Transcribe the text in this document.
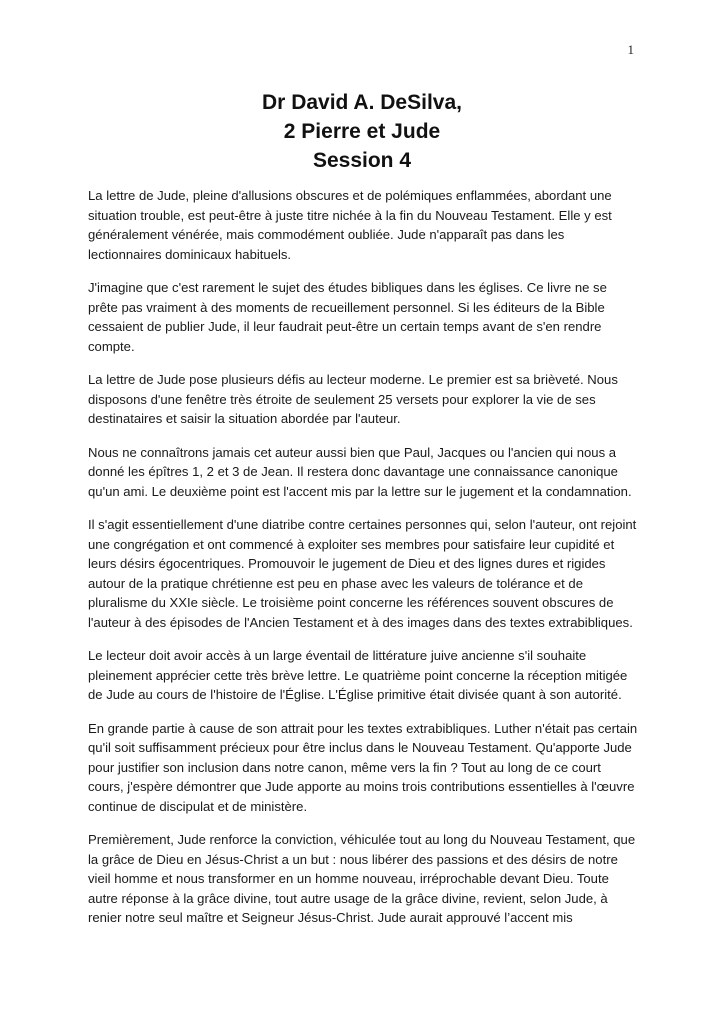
1
Dr David A. DeSilva,
2 Pierre et Jude
Session 4

La lettre de Jude, pleine d'allusions obscures et de polémiques enflammées, abordant une situation trouble, est peut-être à juste titre nichée à la fin du Nouveau Testament. Elle y est généralement vénérée, mais commodément oubliée. Jude n'apparaît pas dans les lectionnaires dominicaux habituels.

J'imagine que c'est rarement le sujet des études bibliques dans les églises. Ce livre ne se prête pas vraiment à des moments de recueillement personnel. Si les éditeurs de la Bible cessaient de publier Jude, il leur faudrait peut-être un certain temps avant de s'en rendre compte.

La lettre de Jude pose plusieurs défis au lecteur moderne. Le premier est sa brièveté. Nous disposons d'une fenêtre très étroite de seulement 25 versets pour explorer la vie de ses destinataires et saisir la situation abordée par l'auteur.

Nous ne connaîtrons jamais cet auteur aussi bien que Paul, Jacques ou l'ancien qui nous a donné les épîtres 1, 2 et 3 de Jean. Il restera donc davantage une connaissance canonique qu'un ami. Le deuxième point est l'accent mis par la lettre sur le jugement et la condamnation.

Il s'agit essentiellement d'une diatribe contre certaines personnes qui, selon l'auteur, ont rejoint une congrégation et ont commencé à exploiter ses membres pour satisfaire leur cupidité et leurs désirs égocentriques. Promouvoir le jugement de Dieu et des lignes dures et rigides autour de la pratique chrétienne est peu en phase avec les valeurs de tolérance et de pluralisme du XXIe siècle. Le troisième point concerne les références souvent obscures de l'auteur à des épisodes de l'Ancien Testament et à des images dans des textes extrabibliques.

Le lecteur doit avoir accès à un large éventail de littérature juive ancienne s'il souhaite pleinement apprécier cette très brève lettre. Le quatrième point concerne la réception mitigée de Jude au cours de l'histoire de l'Église. L'Église primitive était divisée quant à son autorité.

En grande partie à cause de son attrait pour les textes extrabibliques. Luther n'était pas certain qu'il soit suffisamment précieux pour être inclus dans le Nouveau Testament. Qu'apporte Jude pour justifier son inclusion dans notre canon, même vers la fin ? Tout au long de ce court cours, j'espère démontrer que Jude apporte au moins trois contributions essentielles à l'œuvre continue de discipulat et de ministère.

Premièrement, Jude renforce la conviction, véhiculée tout au long du Nouveau Testament, que la grâce de Dieu en Jésus-Christ a un but : nous libérer des passions et des désirs de notre vieil homme et nous transformer en un homme nouveau, irréprochable devant Dieu. Toute autre réponse à la grâce divine, tout autre usage de la grâce divine, revient, selon Jude, à renier notre seul maître et Seigneur Jésus-Christ. Jude aurait approuvé l’accent mis
